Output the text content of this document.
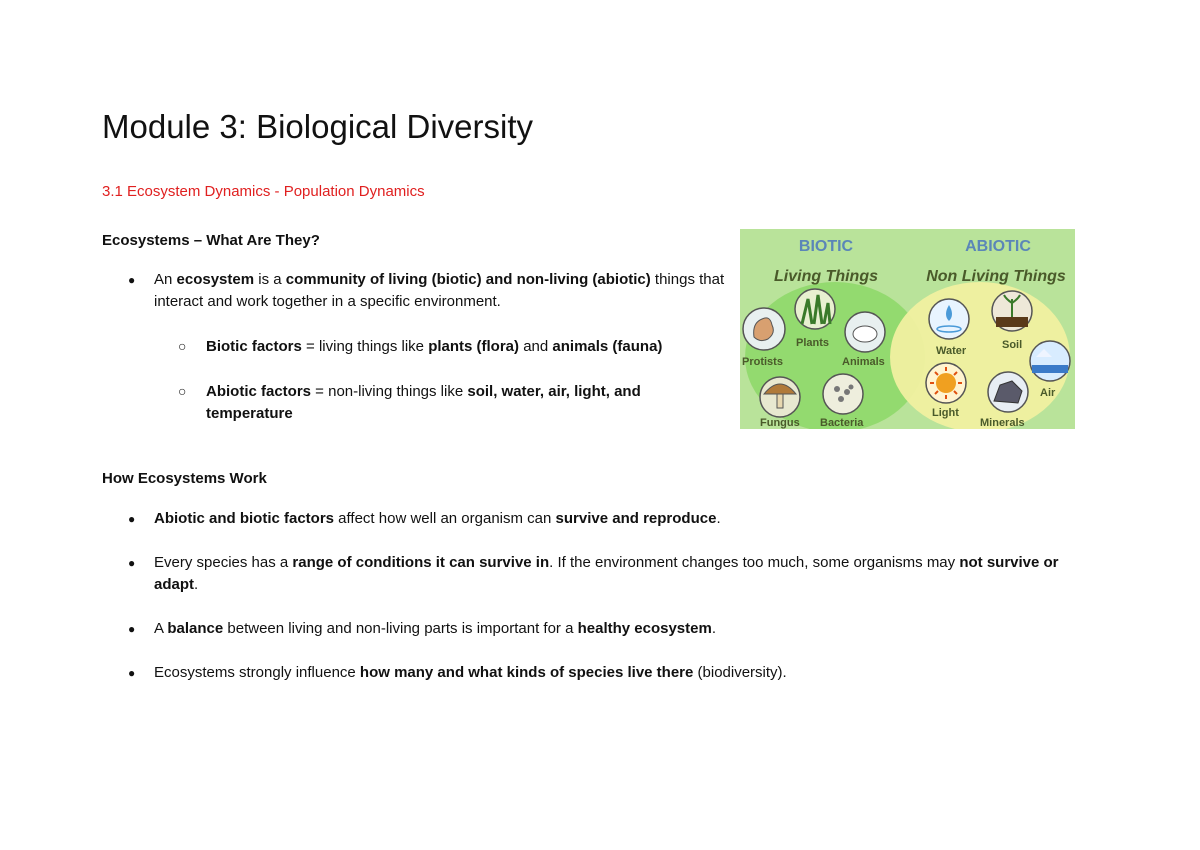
Module 3: Biological Diversity
3.1 Ecosystem Dynamics - Population Dynamics
Ecosystems – What Are They?
● An ecosystem is a community of living (biotic) and non-living (abiotic) things that interact and work together in a specific environment.
○ Biotic factors = living things like plants (flora) and animals (fauna)
○ Abiotic factors = non-living things like soil, water, air, light, and temperature
BIOTIC
Living Things
ABIOTIC
Non Living Things
Protists
Plants
Animals
Fungus Bacteria
Water	Soil
Air
Light
Minerals
How Ecosystems Work
● Abiotic and biotic factors affect how well an organism can survive and reproduce.
● Every species has a range of conditions it can survive in. If the environment changes too much, some organisms may not survive or adapt.
● A balance between living and non-living parts is important for a healthy ecosystem.
● Ecosystems strongly influence how many and what kinds of species live there (biodiversity).
